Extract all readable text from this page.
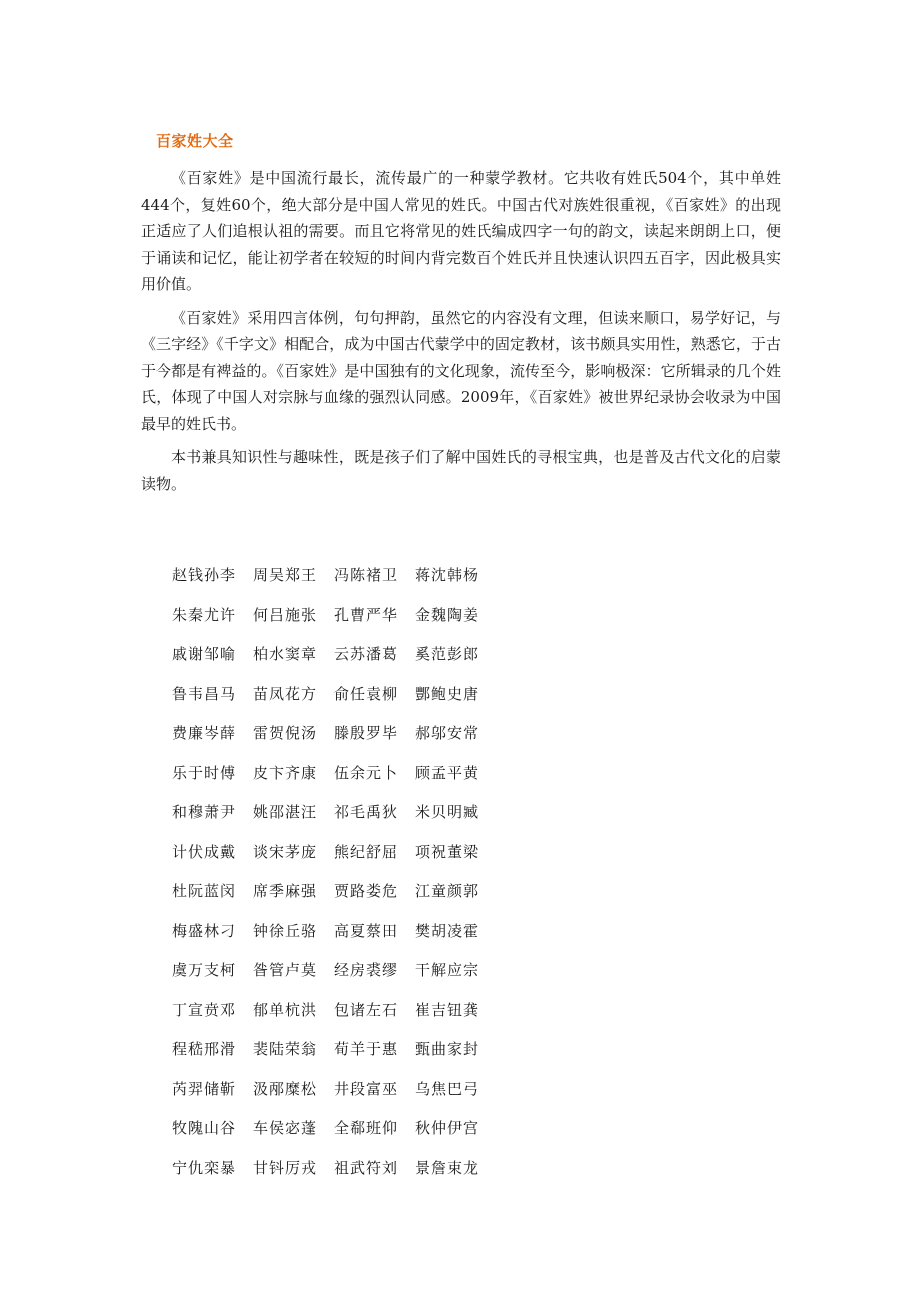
百家姓大全

《百家姓》是中国流行最长，流传最广的一种蒙学教材。它共收有姓氏504个，其中单姓444个，复姓60个，绝大部分是中国人常见的姓氏。中国古代对族姓很重视，《百家姓》的出现正适应了人们追根认祖的需要。而且它将常见的姓氏编成四字一句的韵文，读起来朗朗上口，便于诵读和记忆，能让初学者在较短的时间内背完数百个姓氏并且快速认识四五百字，因此极具实用价值。

《百家姓》采用四言体例，句句押韵，虽然它的内容没有文理，但读来顺口，易学好记，与《三字经》《千字文》相配合，成为中国古代蒙学中的固定教材，该书颇具实用性，熟悉它，于古于今都是有裨益的。《百家姓》是中国独有的文化现象，流传至今，影响极深：它所辑录的几个姓氏，体现了中国人对宗脉与血缘的强烈认同感。2009年，《百家姓》被世界纪录协会收录为中国最早的姓氏书。

本书兼具知识性与趣味性，既是孩子们了解中国姓氏的寻根宝典，也是普及古代文化的启蒙读物。

赵钱孙李	周吴郑王	冯陈褚卫	蒋沈韩杨
朱秦尤许	何吕施张	孔曹严华	金魏陶姜
戚谢邹喻	柏水窦章	云苏潘葛	奚范彭郎
鲁韦昌马	苗凤花方	俞任袁柳	酆鲍史唐
费廉岑薛	雷贺倪汤	滕殷罗毕	郝邬安常
乐于时傅	皮卞齐康	伍余元卜	顾孟平黄
和穆萧尹	姚邵湛汪	祁毛禹狄	米贝明臧
计伏成戴	谈宋茅庞	熊纪舒屈	项祝董梁
杜阮蓝闵	席季麻强	贾路娄危	江童颜郭
梅盛林刁	钟徐丘骆	高夏蔡田	樊胡凌霍
虞万支柯	昝管卢莫	经房裘缪	干解应宗
丁宣贲邓	郁单杭洪	包诸左石	崔吉钮龚
程嵇邢滑	裴陆荣翁	荀羊于惠	甄曲家封
芮羿储靳	汲邴糜松	井段富巫	乌焦巴弓
牧隗山谷	车侯宓蓬	全郗班仰	秋仲伊宫
宁仇栾暴	甘钭厉戎	祖武符刘	景詹束龙
